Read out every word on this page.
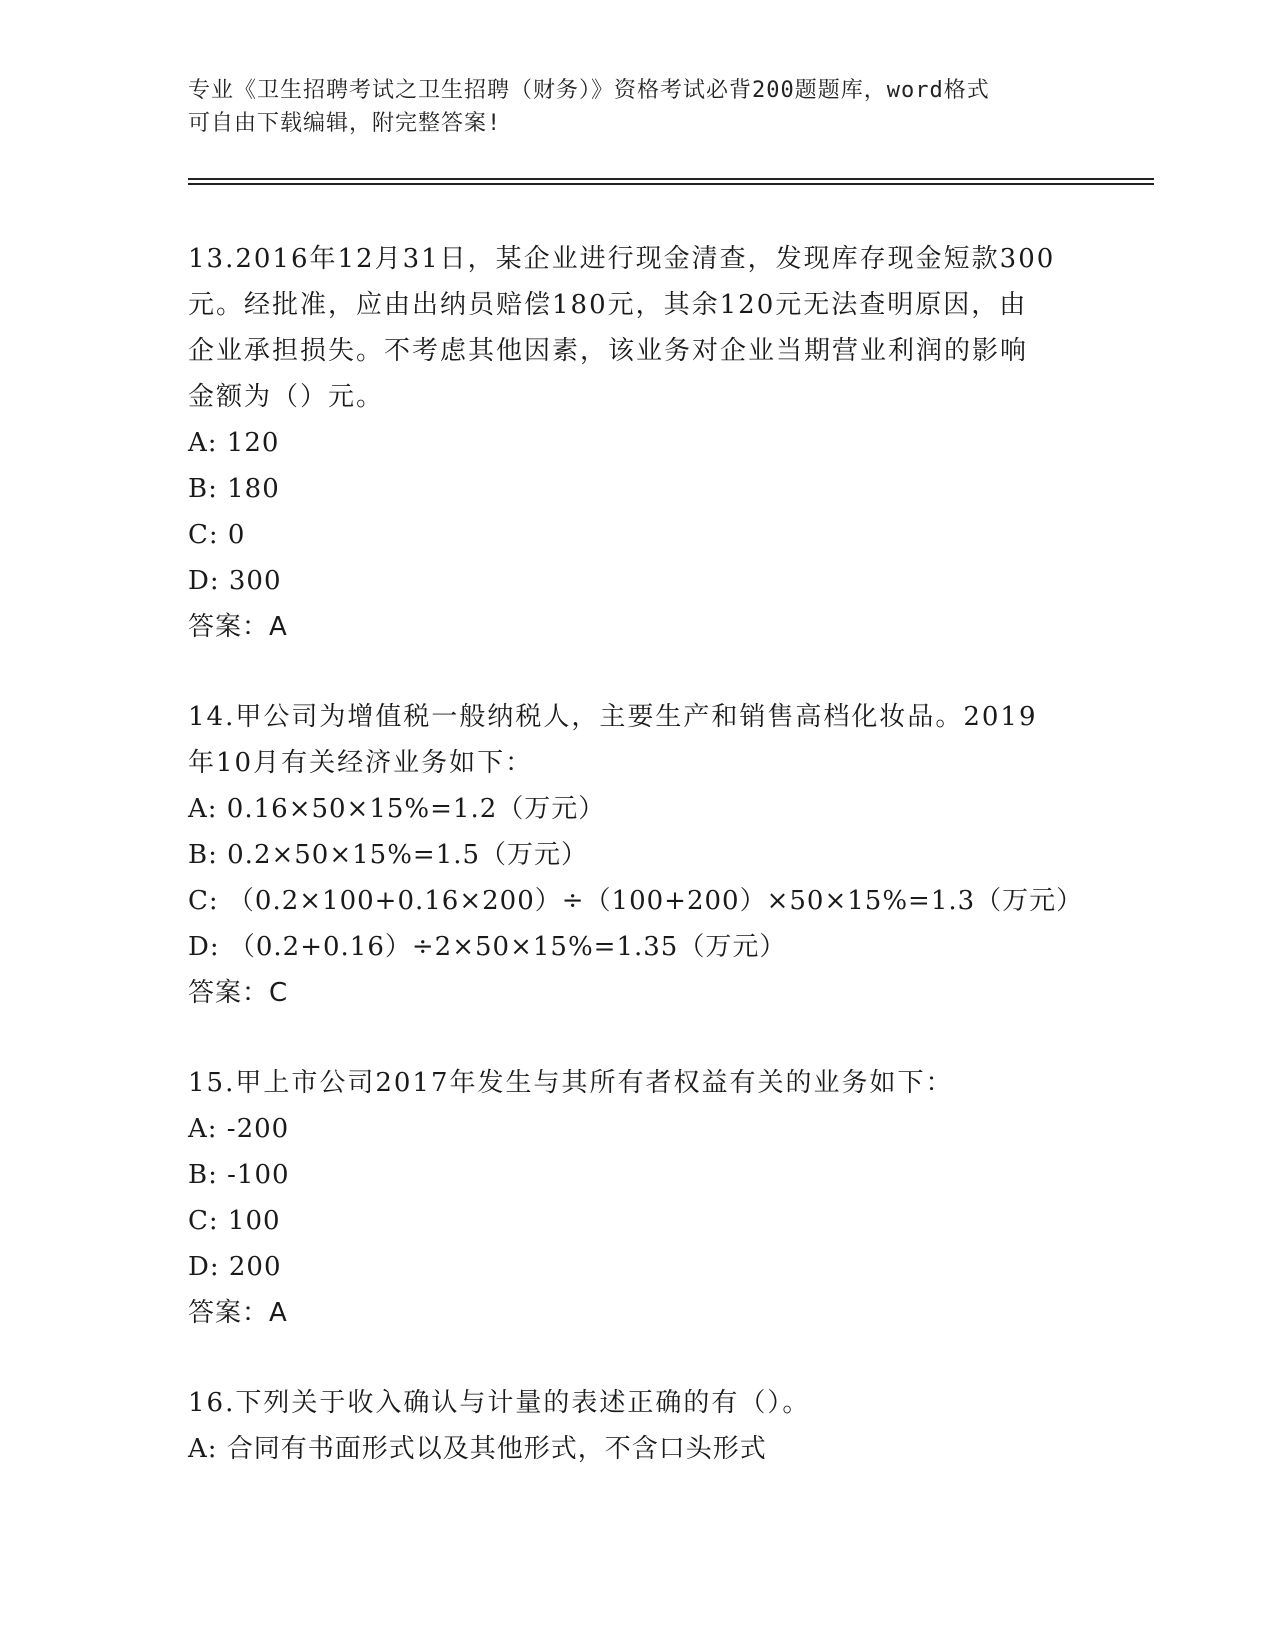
专业《卫生招聘考试之卫生招聘（财务）》资格考试必背200题题库，word格式
可自由下载编辑，附完整答案!
13.2016年12月31日，某企业进行现金清查，发现库存现金短款300
元。经批准，应由出纳员赔偿180元，其余120元无法查明原因，由
企业承担损失。不考虑其他因素，该业务对企业当期营业利润的影响
金额为（）元。
A: 120
B: 180
C: 0
D: 300
答案：A
14.甲公司为增值税一般纳税人，主要生产和销售高档化妆品。2019
年10月有关经济业务如下：
A: 0.16×50×15%=1.2（万元）
B: 0.2×50×15%=1.5（万元）
C: （0.2×100+0.16×200）÷（100+200）×50×15%=1.3（万元）
D: （0.2+0.16）÷2×50×15%=1.35（万元）
答案：C
15.甲上市公司2017年发生与其所有者权益有关的业务如下：
A: -200
B: -100
C: 100
D: 200
答案：A
16.下列关于收入确认与计量的表述正确的有（）。
A: 合同有书面形式以及其他形式，不含口头形式
